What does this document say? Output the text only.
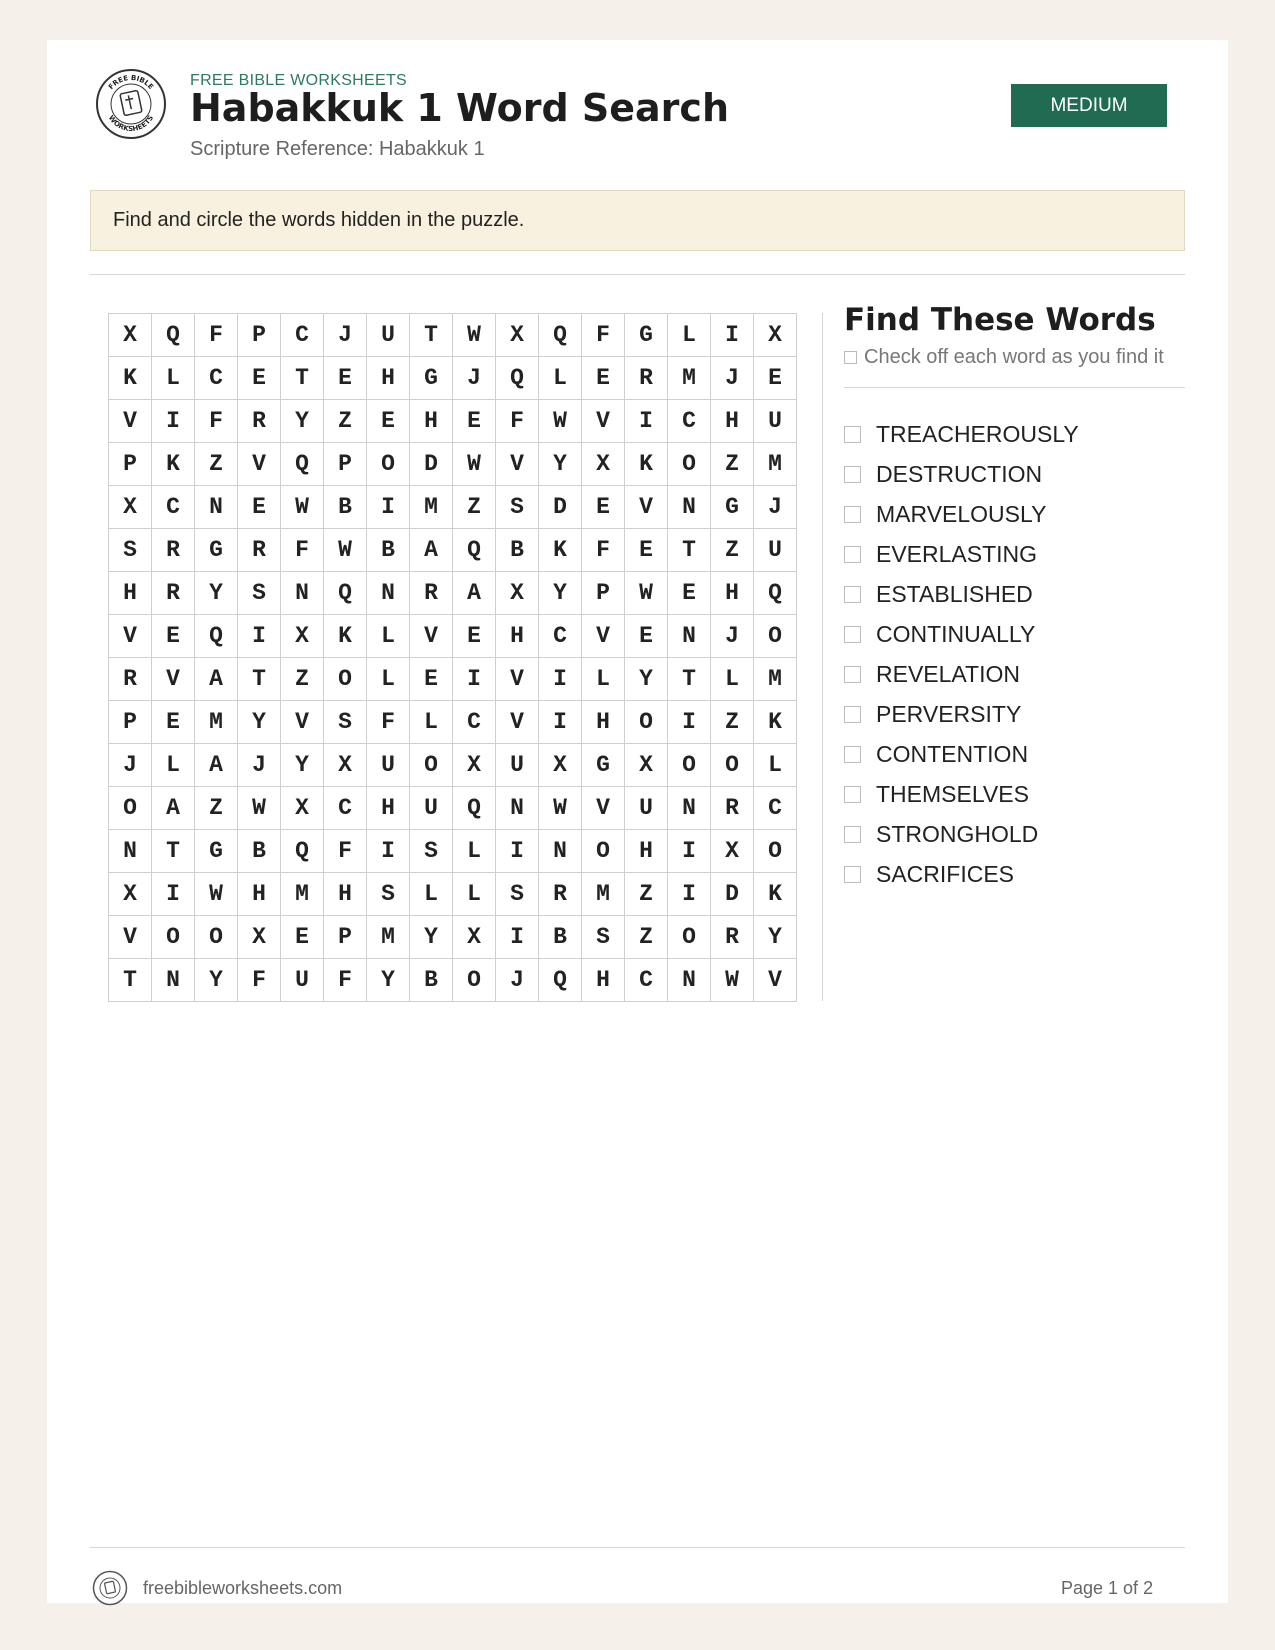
FREE BIBLE
WORKSHEETS
FREE BIBLE WORKSHEETS
Habakkuk 1 Word Search
Scripture Reference: Habakkuk 1
MEDIUM
Find and circle the words hidden in the puzzle.
X	Q	F	P	C	J	U	T	W	X	Q	F	G	L	I	X
K	L	C	E	T	E	H	G	J	Q	L	E	R	M	J	E
V	I	F	R	Y	Z	E	H	E	F	W	V	I	C	H	U
P	K	Z	V	Q	P	O	D	W	V	Y	X	K	O	Z	M
X	C	N	E	W	B	I	M	Z	S	D	E	V	N	G	J
S	R	G	R	F	W	B	A	Q	B	K	F	E	T	Z	U
H	R	Y	S	N	Q	N	R	A	X	Y	P	W	E	H	Q
V	E	Q	I	X	K	L	V	E	H	C	V	E	N	J	O
R	V	A	T	Z	O	L	E	I	V	I	L	Y	T	L	M
P	E	M	Y	V	S	F	L	C	V	I	H	O	I	Z	K
J	L	A	J	Y	X	U	O	X	U	X	G	X	O	O	L
O	A	Z	W	X	C	H	U	Q	N	W	V	U	N	R	C
N	T	G	B	Q	F	I	S	L	I	N	O	H	I	X	O
X	I	W	H	M	H	S	L	L	S	R	M	Z	I	D	K
V	O	O	X	E	P	M	Y	X	I	B	S	Z	O	R	Y
T	N	Y	F	U	F	Y	B	O	J	Q	H	C	N	W	V
Find These Words
Check off each word as you find it
TREACHEROUSLY
DESTRUCTION
MARVELOUSLY
EVERLASTING
ESTABLISHED
CONTINUALLY
REVELATION
PERVERSITY
CONTENTION
THEMSELVES
STRONGHOLD
SACRIFICES
freebibleworksheets.com	Page 1 of 2
